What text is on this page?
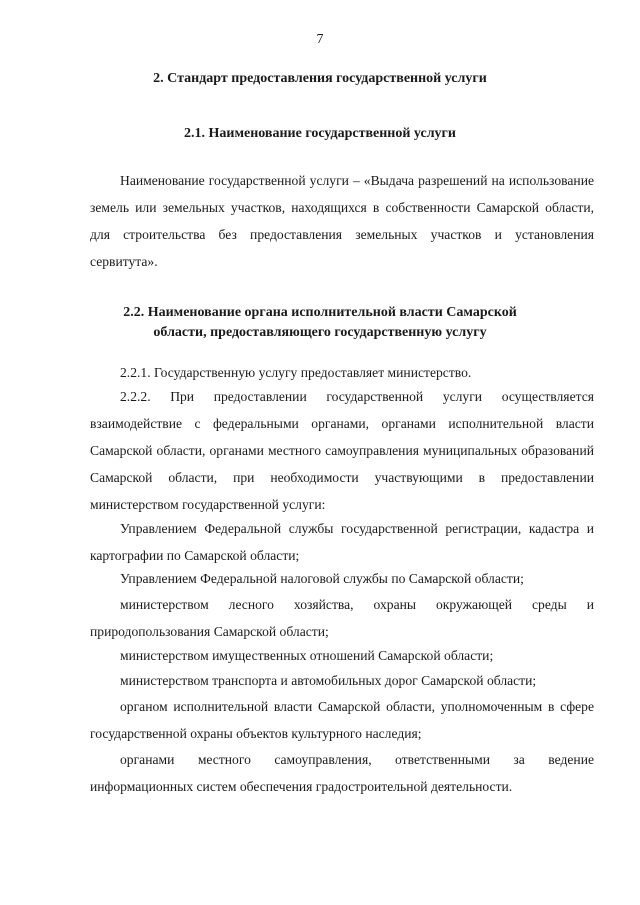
7
2. Стандарт предоставления государственной услуги
2.1. Наименование государственной услуги

Наименование государственной услуги – «Выдача разрешений на использование земель или земельных участков, находящихся в собственности Самарской области, для строительства без предоставления земельных участков и установления сервитута».

2.2. Наименование органа исполнительной власти Самарской
области, предоставляющего государственную услугу

2.2.1. Государственную услугу предоставляет министерство.

2.2.2. При предоставлении государственной услуги осуществляется взаимодействие с федеральными органами, органами исполнительной власти Самарской области, органами местного самоуправления муниципальных образований Самарской области, при необходимости участвующими в предоставлении министерством государственной услуги:

Управлением Федеральной службы государственной регистрации, кадастра и картографии по Самарской области;

Управлением Федеральной налоговой службы по Самарской области;

министерством лесного хозяйства, охраны окружающей среды и природопользования Самарской области;

министерством имущественных отношений Самарской области;

министерством транспорта и автомобильных дорог Самарской области;

органом исполнительной власти Самарской области, уполномоченным в сфере государственной охраны объектов культурного наследия;

органами местного самоуправления, ответственными за ведение информационных систем обеспечения градостроительной деятельности.
